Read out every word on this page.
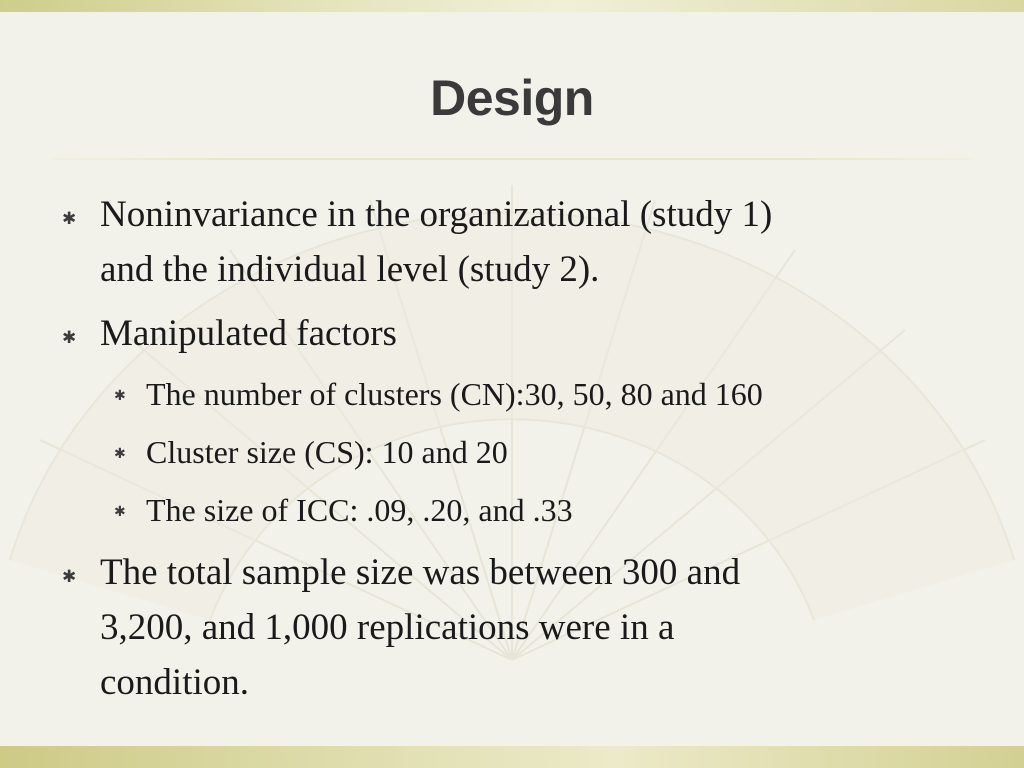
Design
✱ Noninvariance in the organizational (study 1)
and the individual level (study 2).
✱ Manipulated factors
✱ The number of clusters (CN):30, 50, 80 and 160
✱ Cluster size (CS): 10 and 20
✱ The size of ICC: .09, .20, and .33
✱ The total sample size was between 300 and
3,200, and 1,000 replications were in a
condition.
